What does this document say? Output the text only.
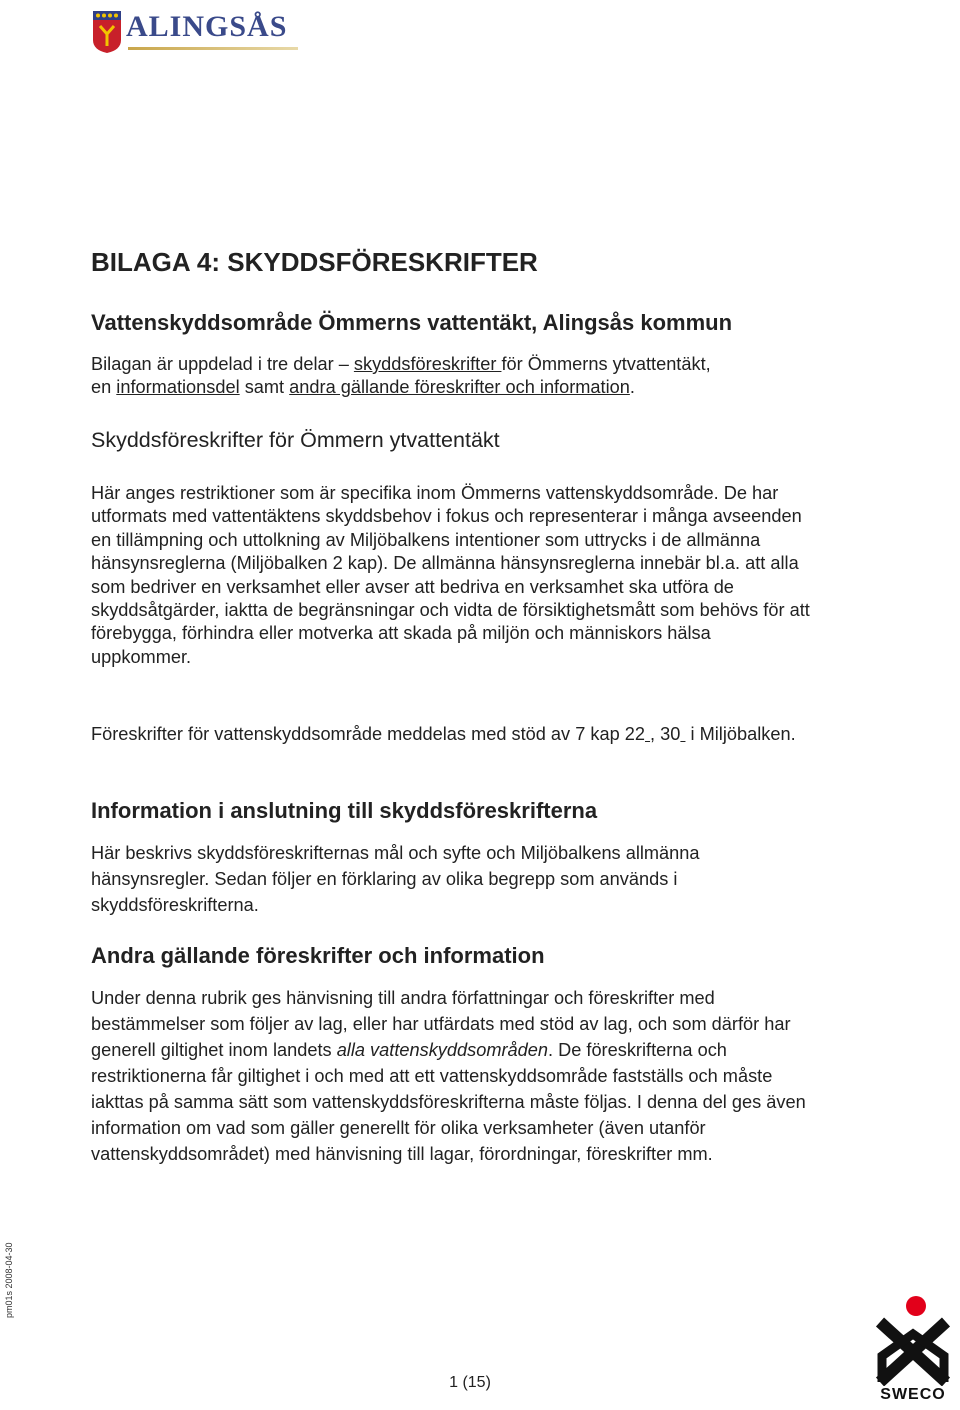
ALINGSÅS
BILAGA 4: SKYDDSFÖRESKRIFTER
Vattenskyddsområde Ömmerns vattentäkt, Alingsås kommun

Bilagan är uppdelad i tre delar – skyddsföreskrifter för Ömmerns ytvattentäkt,
en informationsdel samt andra gällande föreskrifter och information.

Skyddsföreskrifter för Ömmern ytvattentäkt

Här anges restriktioner som är specifika inom Ömmerns vattenskyddsområde. De har utformats med vattentäktens skyddsbehov i fokus och representerar i många avseenden en tillämpning och uttolkning av Miljöbalkens intentioner som uttrycks i de allmänna hänsynsreglerna (Miljöbalken 2 kap). De allmänna hänsynsreglerna innebär bl.a. att alla som bedriver en verksamhet eller avser att bedriva en verksamhet ska utföra de skyddsåtgärder, iaktta de begränsningar och vidta de försiktighetsmått som behövs för att förebygga, förhindra eller motverka att skada på miljön och människors hälsa uppkommer.

Föreskrifter för vattenskyddsområde meddelas med stöd av 7 kap 22 , 30  i Miljöbalken.

Information i anslutning till skyddsföreskrifterna

Här beskrivs skyddsföreskrifternas mål och syfte och Miljöbalkens allmänna hänsynsregler. Sedan följer en förklaring av olika begrepp som används i skyddsföreskrifterna.

Andra gällande föreskrifter och information

Under denna rubrik ges hänvisning till andra författningar och föreskrifter med bestämmelser som följer av lag, eller har utfärdats med stöd av lag, och som därför har generell giltighet inom landets alla vattenskyddsområden. De föreskrifterna och restriktionerna får giltighet i och med att ett vattenskyddsområde fastställs och måste iakttas på samma sätt som vattenskyddsföreskrifterna måste följas. I denna del ges även information om vad som gäller generellt för olika verksamheter (även utanför vattenskyddsområdet) med hänvisning till lagar, förordningar, föreskrifter mm.

pm01s 2008-04-30
1 (15)
SWECO
